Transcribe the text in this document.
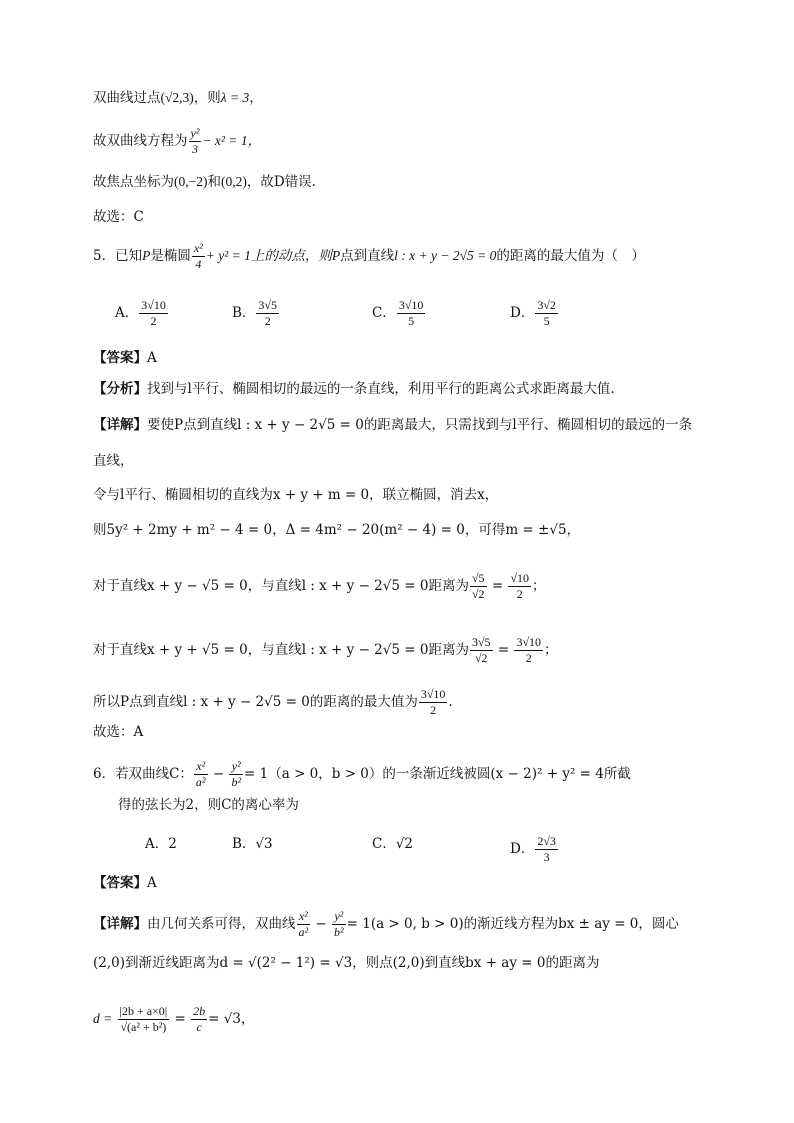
双曲线过点(√2,3)，则λ = 3，
故双曲线方程为 $\frac{\text{y²}}{3} - x^2 = 1$，
故焦点坐标为(0,−2)和(0,2)，故D错误.
故选：C
5．已知P是椭圆 $\frac{\text{x²}}{4} + y^2 = 1$上的动点，则P点到直线l : x + y − 2√5 = 0的距离的最大值为（　）
A． $\frac{3√10}{2}$	B． $\frac{3√5}{2}$	C． $\frac{3√10}{5}$	D． $\frac{3√2}{5}$
【答案】A
【分析】找到与l平行、椭圆相切的最远的一条直线，利用平行的距离公式求距离最大值.
【详解】要使P点到直线l : x + y − 2√5 = 0的距离最大，只需找到与l平行、椭圆相切的最远的一条
直线，
令与l平行、椭圆相切的直线为x + y + m = 0，联立椭圆，消去x，
则5y² + 2my + m² − 4 = 0，Δ = 4m² − 20(m² − 4) = 0，可得m = ±√5，
对于直线x + y − √5 = 0，与直线l : x + y − 2√5 = 0距离为 $\frac{√5}{√2} = \frac{√10}{2}$ ；
对于直线x + y + √5 = 0，与直线l : x + y − 2√5 = 0距离为 $\frac{3√5}{√2} = \frac{3√10}{2}$ ；
所以P点到直线l : x + y − 2√5 = 0的距离的最大值为 $\frac{3√10}{2}$ .
故选：A
6．若双曲线C： $\frac{\text{x²}}{\text{a²}} - \frac{\text{y²}}{\text{b²}} = 1(a > 0$，b > 0）的一条渐近线被圆(x − 2)² + y² = 4所截
得的弦长为2，则C的离心率为
A．2	B．√3	C．√2	D． $\frac{2√3}{3}$
【答案】A
【详解】由几何关系可得，双曲线 $\frac{\text{x²}}{\text{a²}} - \frac{\text{y²}}{\text{b²}} = 1(a > 0$, b > 0)的渐近线方程为bx ± ay = 0，圆心
(2,0)到渐近线距离为d = √(2² − 1²) = √3，则点(2,0)到直线bx + ay = 0的距离为
$d = \frac{|2b + a\times 0|}{\text{√(a² + b²)}} = \frac{2b}{c} = √3$，
